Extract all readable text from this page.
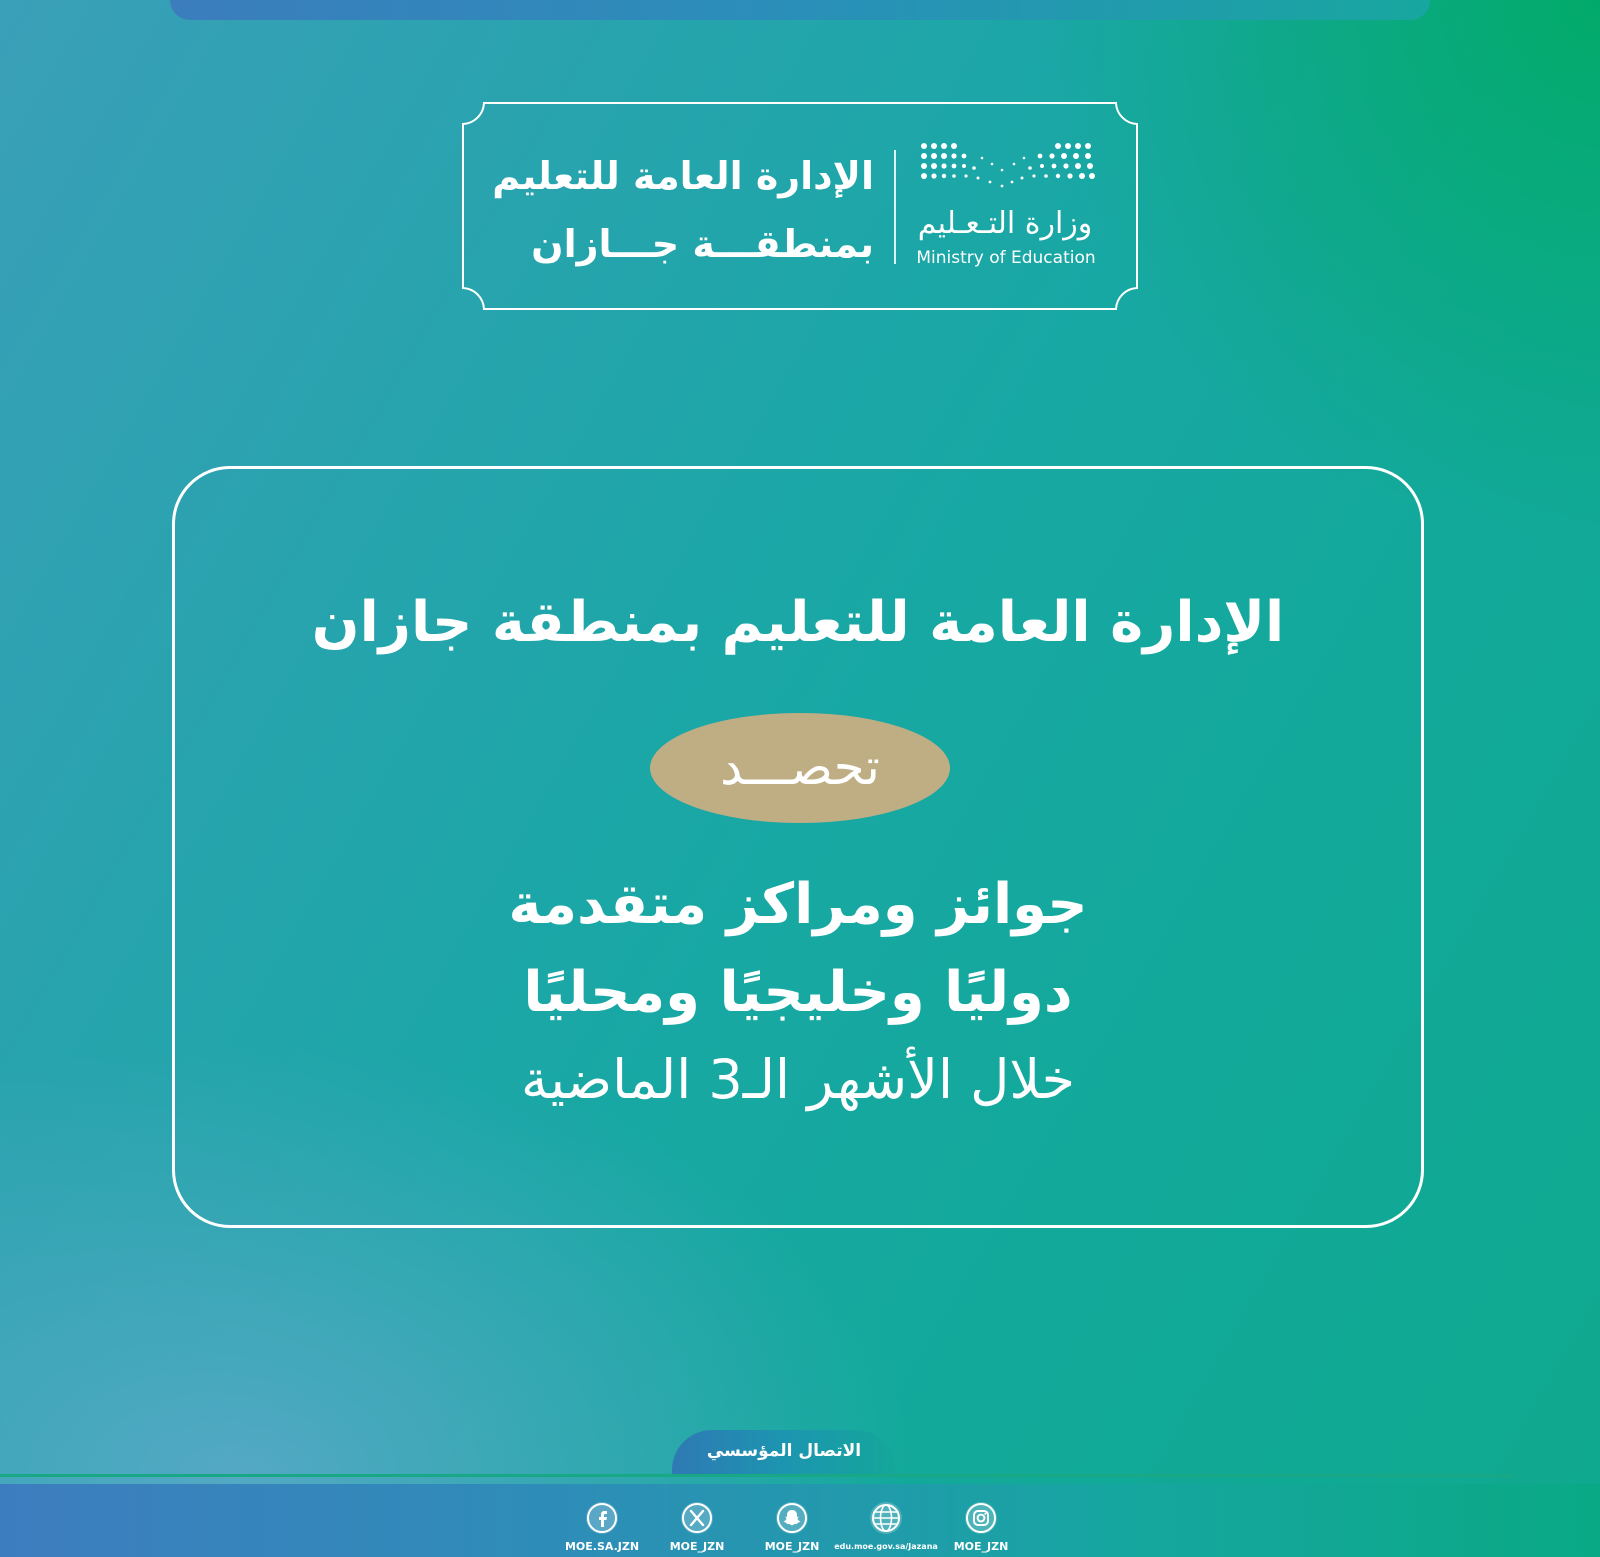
وزارة التـعـليم
Ministry of Education
الإدارة العامة للتعليم
بمنطقـــة جـــازان
الإدارة العامة للتعليم بمنطقة جازان
تحصـــد
جوائز ومراكز متقدمة
دوليًا وخليجيًا ومحليًا
خلال الأشهر الـ3 الماضية
الاتصال المؤسسي
MOE.SA.JZN	MOE_JZN	MOE_JZN	edu.moe.gov.sa/Jazana	MOE_JZN
